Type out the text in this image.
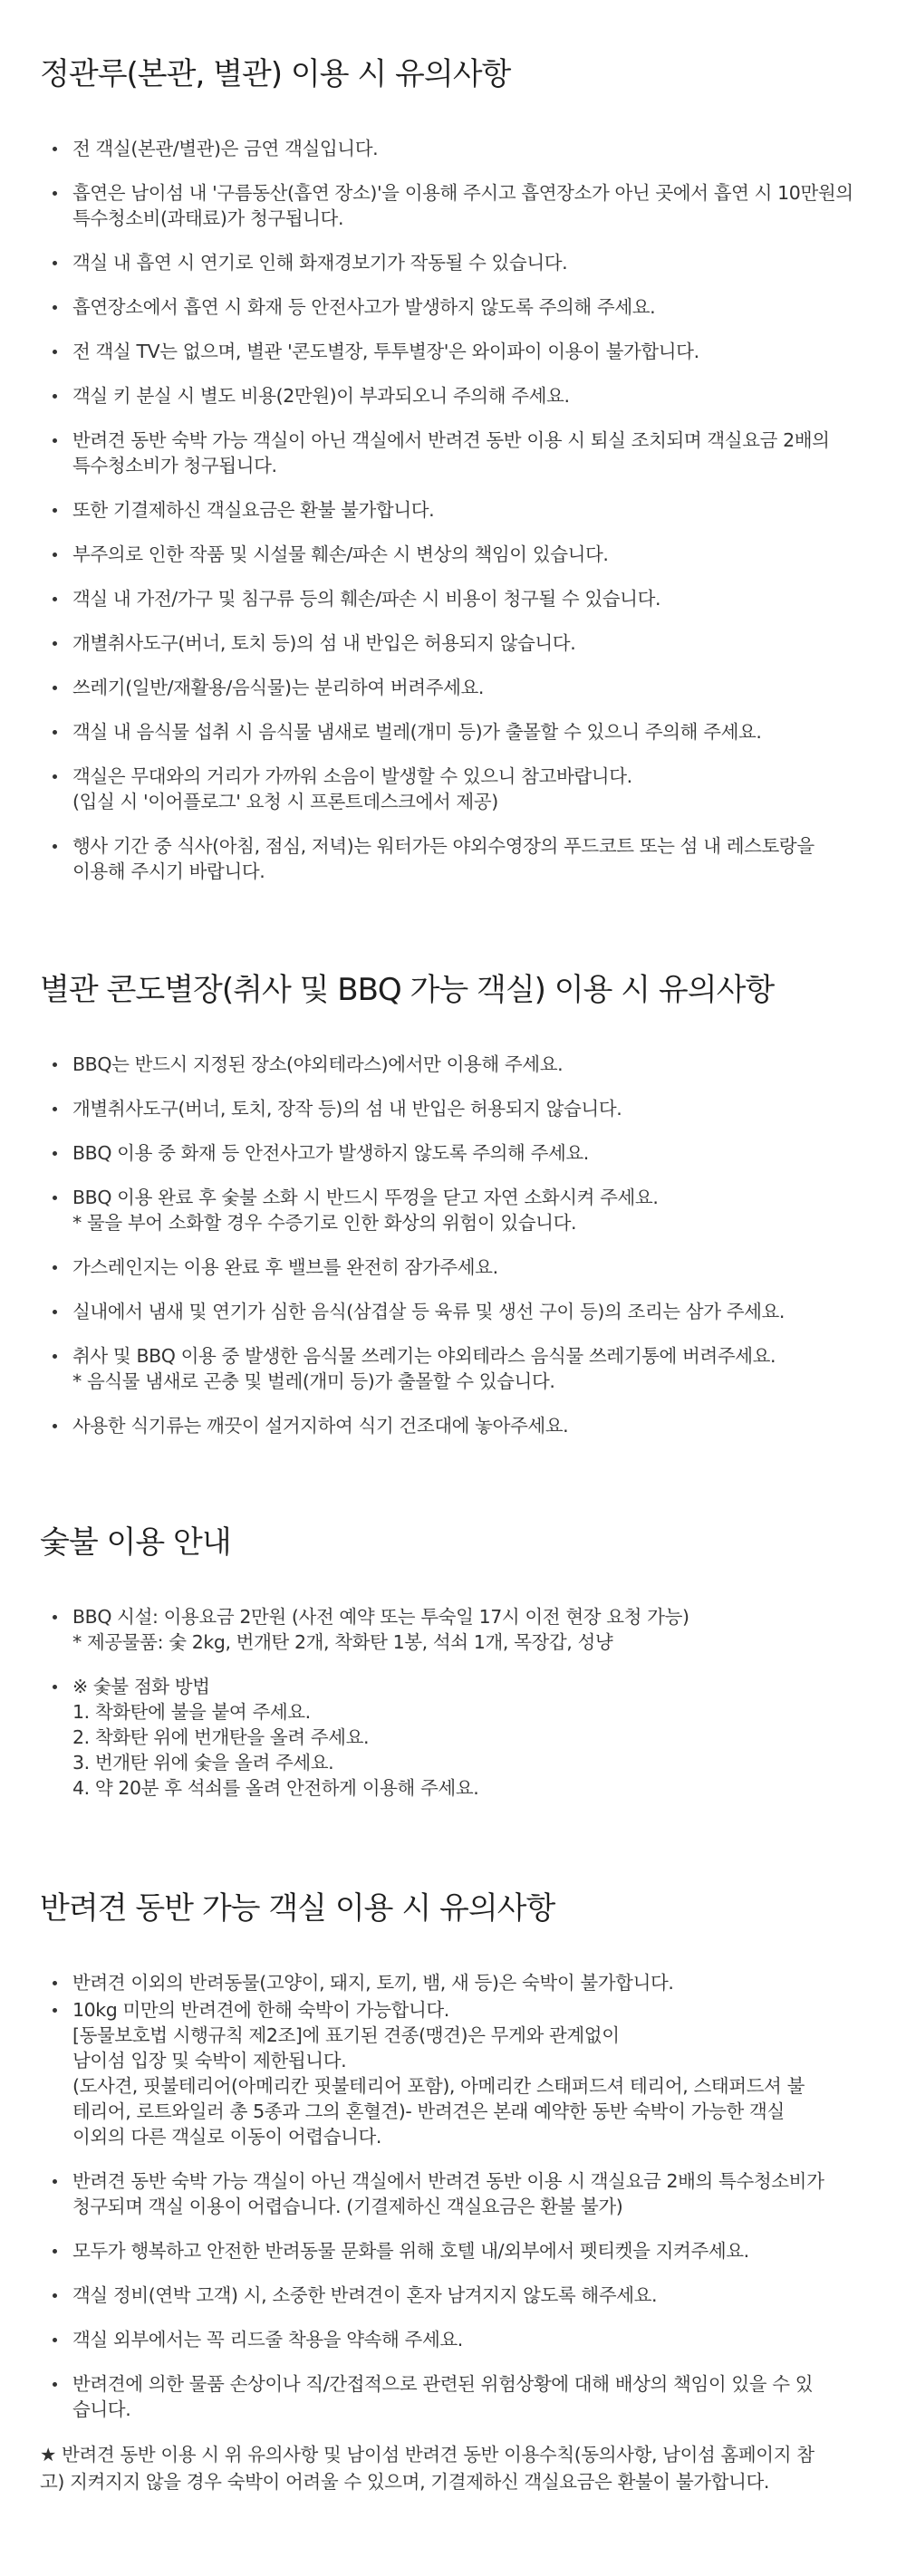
정관루(본관, 별관) 이용 시 유의사항
전 객실(본관/별관)은 금연 객실입니다.
흡연은 남이섬 내 '구름동산(흡연 장소)'을 이용해 주시고 흡연장소가 아닌 곳에서 흡연 시 10만원의
특수청소비(과태료)가 청구됩니다.
객실 내 흡연 시 연기로 인해 화재경보기가 작동될 수 있습니다.
흡연장소에서 흡연 시 화재 등 안전사고가 발생하지 않도록 주의해 주세요.
전 객실 TV는 없으며, 별관 '콘도별장, 투투별장'은 와이파이 이용이 불가합니다.
객실 키 분실 시 별도 비용(2만원)이 부과되오니 주의해 주세요.
반려견 동반 숙박 가능 객실이 아닌 객실에서 반려견 동반 이용 시 퇴실 조치되며 객실요금 2배의
특수청소비가 청구됩니다.
또한 기결제하신 객실요금은 환불 불가합니다.
부주의로 인한 작품 및 시설물 훼손/파손 시 변상의 책임이 있습니다.
객실 내 가전/가구 및 침구류 등의 훼손/파손 시 비용이 청구될 수 있습니다.
개별취사도구(버너, 토치 등)의 섬 내 반입은 허용되지 않습니다.
쓰레기(일반/재활용/음식물)는 분리하여 버려주세요.
객실 내 음식물 섭취 시 음식물 냄새로 벌레(개미 등)가 출몰할 수 있으니 주의해 주세요.
객실은 무대와의 거리가 가까워 소음이 발생할 수 있으니 참고바랍니다.
(입실 시 '이어플로그' 요청 시 프론트데스크에서 제공)
행사 기간 중 식사(아침, 점심, 저녁)는 워터가든 야외수영장의 푸드코트 또는 섬 내 레스토랑을
이용해 주시기 바랍니다.
별관 콘도별장(취사 및 BBQ 가능 객실) 이용 시 유의사항
BBQ는 반드시 지정된 장소(야외테라스)에서만 이용해 주세요.
개별취사도구(버너, 토치, 장작 등)의 섬 내 반입은 허용되지 않습니다.
BBQ 이용 중 화재 등 안전사고가 발생하지 않도록 주의해 주세요.
BBQ 이용 완료 후 숯불 소화 시 반드시 뚜껑을 닫고 자연 소화시켜 주세요.
* 물을 부어 소화할 경우 수증기로 인한 화상의 위험이 있습니다.
가스레인지는 이용 완료 후 밸브를 완전히 잠가주세요.
실내에서 냄새 및 연기가 심한 음식(삼겹살 등 육류 및 생선 구이 등)의 조리는 삼가 주세요.
취사 및 BBQ 이용 중 발생한 음식물 쓰레기는 야외테라스 음식물 쓰레기통에 버려주세요.
* 음식물 냄새로 곤충 및 벌레(개미 등)가 출몰할 수 있습니다.
사용한 식기류는 깨끗이 설거지하여 식기 건조대에 놓아주세요.
숯불 이용 안내
BBQ 시설: 이용요금 2만원 (사전 예약 또는 투숙일 17시 이전 현장 요청 가능)
* 제공물품: 숯 2kg, 번개탄 2개, 착화탄 1봉, 석쇠 1개, 목장갑, 성냥
※ 숯불 점화 방법
1. 착화탄에 불을 붙여 주세요.
2. 착화탄 위에 번개탄을 올려 주세요.
3. 번개탄 위에 숯을 올려 주세요.
4. 약 20분 후 석쇠를 올려 안전하게 이용해 주세요.
반려견 동반 가능 객실 이용 시 유의사항
반려견 이외의 반려동물(고양이, 돼지, 토끼, 뱀, 새 등)은 숙박이 불가합니다.
10kg 미만의 반려견에 한해 숙박이 가능합니다.
[동물보호법 시행규칙 제2조]에 표기된 견종(맹견)은 무게와 관계없이
남이섬 입장 및 숙박이 제한됩니다.
(도사견, 핏불테리어(아메리칸 핏불테리어 포함), 아메리칸 스태퍼드셔 테리어, 스태퍼드셔 불
테리어, 로트와일러 총 5종과 그의 혼혈견)- 반려견은 본래 예약한 동반 숙박이 가능한 객실
이외의 다른 객실로 이동이 어렵습니다.
반려견 동반 숙박 가능 객실이 아닌 객실에서 반려견 동반 이용 시 객실요금 2배의 특수청소비가
청구되며 객실 이용이 어렵습니다. (기결제하신 객실요금은 환불 불가)
모두가 행복하고 안전한 반려동물 문화를 위해 호텔 내/외부에서 펫티켓을 지켜주세요.
객실 정비(연박 고객) 시, 소중한 반려견이 혼자 남겨지지 않도록 해주세요.
객실 외부에서는 꼭 리드줄 착용을 약속해 주세요.
반려견에 의한 물품 손상이나 직/간접적으로 관련된 위험상황에 대해 배상의 책임이 있을 수 있
습니다.

★ 반려견 동반 이용 시 위 유의사항 및 남이섬 반려견 동반 이용수칙(동의사항, 남이섬 홈페이지 참
고) 지켜지지 않을 경우 숙박이 어려울 수 있으며, 기결제하신 객실요금은 환불이 불가합니다.
